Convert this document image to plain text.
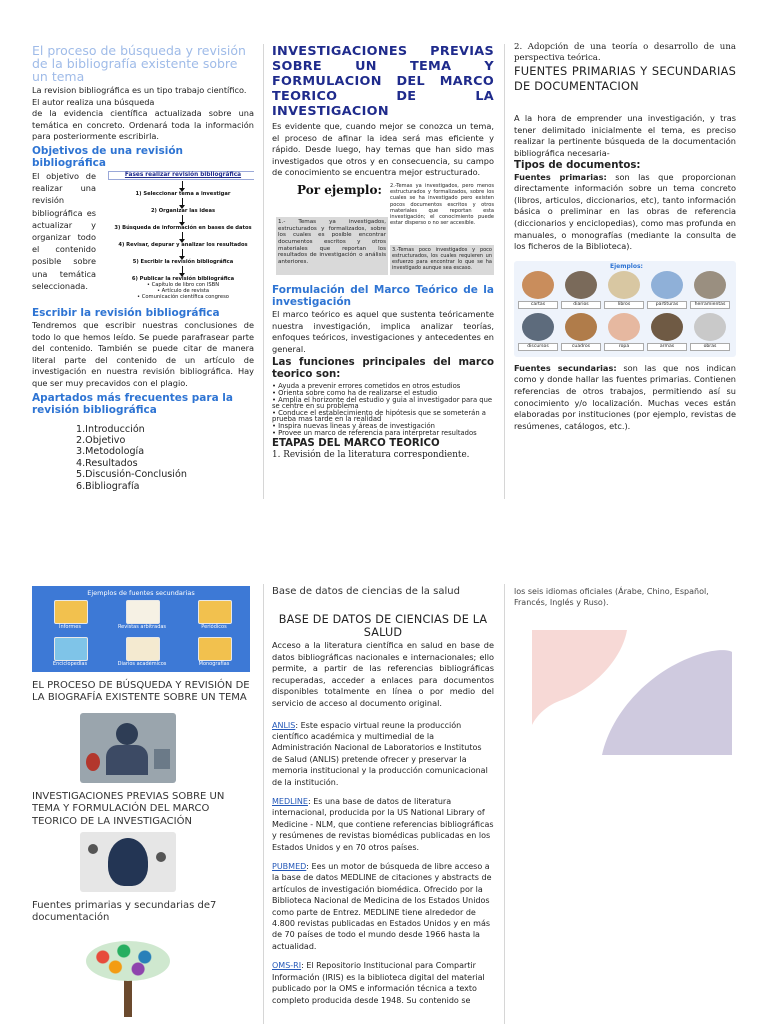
El proceso de búsqueda y revisión de la bibliografía existente sobre un tema

La revision bibliográfica es un tipo trabajo científico.

El autor realiza una búsqueda

de la evidencia científica actualizada sobre una temática en concreto. Ordenará toda la información para posteriormente escribirla.

Objetivos de una revisión bibliográfica

El objetivo de realizar una revisión bibliográfica es actualizar y organizar todo el contenido posible sobre una temática seleccionada.

Fases realizar revisión bibliográfica
1) Seleccionar tema a investigar
2) Organizar las ideas
3) Búsqueda de información en bases de datos
4) Revisar, depurar y analizar los resultados
5) Escribir la revisión bibliográfica
6) Publicar la revisión bibliográfica
• Capítulo de libro con ISBN
• Artículo de revista
• Comunicación científica congreso

Escribir la revisión bibliográfica

Tendremos que escribir nuestras conclusiones de todo lo que hemos leído. Se puede parafrasear parte del contenido. También se puede citar de manera literal parte del contenido de un artículo de investigación en nuestra revisión bibliográfica. Hay que ser muy precavidos con el plagio.

Apartados más frecuentes para la revisión bibliográfica

1.Introducción

2.Objetivo

3.Metodología

4.Resultados

5.Discusión-Conclusión

6.Bibliografía

INVESTIGACIONES PREVIAS SOBRE UN TEMA Y FORMULACION DEL MARCO TEORICO DE LA INVESTIGACION

Es evidente que, cuando mejor se conozca un tema, el proceso de afinar la idea será mas eficiente y rápido. Desde luego, hay temas que han sido mas investigados que otros y en consecuencia, su campo de conocimiento se encuentra mejor estructurado.

Por ejemplo: 2.-Temas ya investigados, pero menos estructurados y formalizados, sobre los cuales se ha investigado pero existen pocos documentos escritos y otros materiales que reportan esta investigación; el conocimiento puede estar disperso o no ser accesible.
1.- Temas ya investigados, estructurados y formalizados, sobre los cuales es posible encontrar documentos escritos y otros materiales que reportan los resultados de investigación o análisis anteriores.
3.-Temas poco investigados y poco estructurados, los cuales requieren un esfuerzo para encontrar lo que se ha investigado aunque sea escaso.

Formulación del Marco Teórico de la investigación

El marco teórico es aquel que sustenta teóricamente nuestra investigación, implica analizar teorías, enfoques teóricos, investigaciones y antecedentes en general.

Las funciones principales del marco teorico son:

• Ayuda a prevenir errores cometidos en otros estudios

• Orienta sobre como ha de realizarse el estudio

• Amplia el horizonte del estudio y guia al investigador para que se centre en su problema

• Conduce el establecimiento de hipótesis que se someterán a prueba mas tarde en la realidad

• Inspira nuevas lineas y áreas de investigación

• Provee un marco de referencia para interpretar resultados

ETAPAS DEL MARCO TEORICO

1. Revisión de la literatura correspondiente.

2. Adopción de una teoría o desarrollo de una perspectiva teórica.

FUENTES PRIMARIAS Y SECUNDARIAS DE DOCUMENTACION

A la hora de emprender una investigación, y tras tener delimitado inicialmente el tema, es preciso realizar la pertinente búsqueda de la documentación bibliográfica necesaria-

Tipos de documentos:

Fuentes primarias: son las que proporcionan directamente información sobre un tema concreto (libros, articulos, diccionarios, etc), tanto información básica o preliminar en las obras de referencia (diccionarios y enciclopedias), como mas profunda en manuales, o monografías (mediante la consulta de los ficheros de la Biblioteca).

Ejemplos:
cartas	diarios	libros	partituras	herramientas
discursos	cuadros	ropa	armas	obras

Fuentes secundarias: son las que nos indican como y donde hallar las fuentes primarias. Contienen referencias de otros trabajos, permitiendo así su conocimiento y/o localización. Muchas veces están elaboradas por instituciones (por ejemplo, revistas de resúmenes, catálogos, etc.).

Ejemplos de fuentes secundarias
Informes	Revistas arbitradas	Periódicos
Enciclopedias	Diarios académicos	Monografías

EL PROCESO DE BÚSQUEDA Y REVISIÓN DE LA BIOGRAFÍA EXISTENTE SOBRE UN TEMA

INVESTIGACIONES PREVIAS SOBRE UN TEMA Y FORMULACIÓN DEL MARCO TEORICO DE LA INVESTIGACIÓN

Fuentes primarias y secundarias de7 documentación

Base de datos de ciencias de la salud

BASE DE DATOS DE CIENCIAS DE LA SALUD

Acceso a la literatura científica en salud en base de datos bibliográficas nacionales e internacionales; ello permite, a partir de las referencias bibliográficas recuperadas, acceder a enlaces para documentos disponibles totalmente en línea o por medio del servicio de acceso al documento original.

ANLIS: Este espacio virtual reune la producción científico académica y multimedial de la Administración Nacional de Laboratorios e Institutos de Salud (ANLIS) pretende ofrecer y preservar la memoria institucional y la producción comunicacional de la institución.

MEDLINE: Es una base de datos de literatura internacional, producida por la US National Library of Medicine - NLM, que contiene referencias bibliográficas y resúmenes de revistas biomédicas publicadas en los Estados Unidos y en 70 otros países.

PUBMED: Ees un motor de búsqueda de libre acceso a la base de datos MEDLINE de citaciones y abstracts de artículos de investigación biomédica. Ofrecido por la Biblioteca Nacional de Medicina de los Estados Unidos como parte de Entrez. MEDLINE tiene alrededor de 4.800 revistas publicadas en Estados Unidos y en más de 70 países de todo el mundo desde 1966 hasta la actualidad.

OMS-RI: El Repositorio Institucional para Compartir Información (IRIS) es la biblioteca digital del material publicado por la OMS e información técnica a texto completo producida desde 1948. Su contenido se

los seis idiomas oficiales (Árabe, Chino, Español, Francés, Inglés y Ruso).
